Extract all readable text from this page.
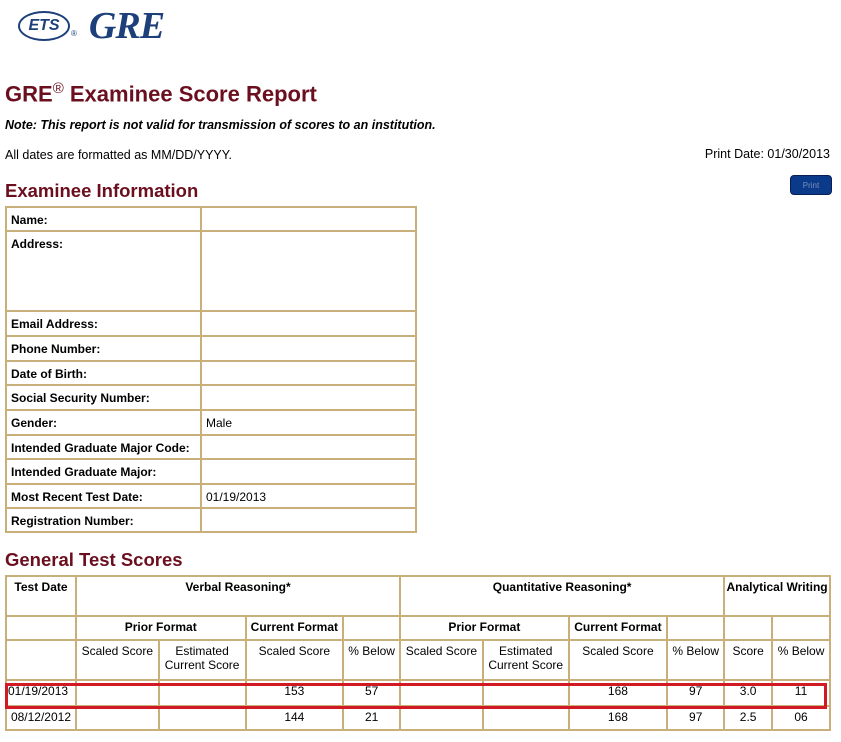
ETS ® GRE
GRE® Examinee Score Report
Note: This report is not valid for transmission of scores to an institution.
All dates are formatted as MM/DD/YYYY.	Print Date: 01/30/2013
Print
Examinee Information
Name:	
Address:	
Email Address:	
Phone Number:	
Date of Birth:	
Social Security Number:	
Gender:	Male
Intended Graduate Major Code:	
Intended Graduate Major:	
Most Recent Test Date:	01/19/2013
Registration Number:	
General Test Scores
Test Date	Verbal Reasoning*				Quantitative Reasoning*				Analytical Writing	
	Prior Format		Current Format		Prior Format		Current Format			
	Scaled Score	Estimated Current Score	Scaled Score	% Below	Scaled Score	Estimated Current Score	Scaled Score	% Below	Score	% Below
01/19/2013			153	57			168	97	3.0	11
08/12/2012			144	21			168	97	2.5	06
